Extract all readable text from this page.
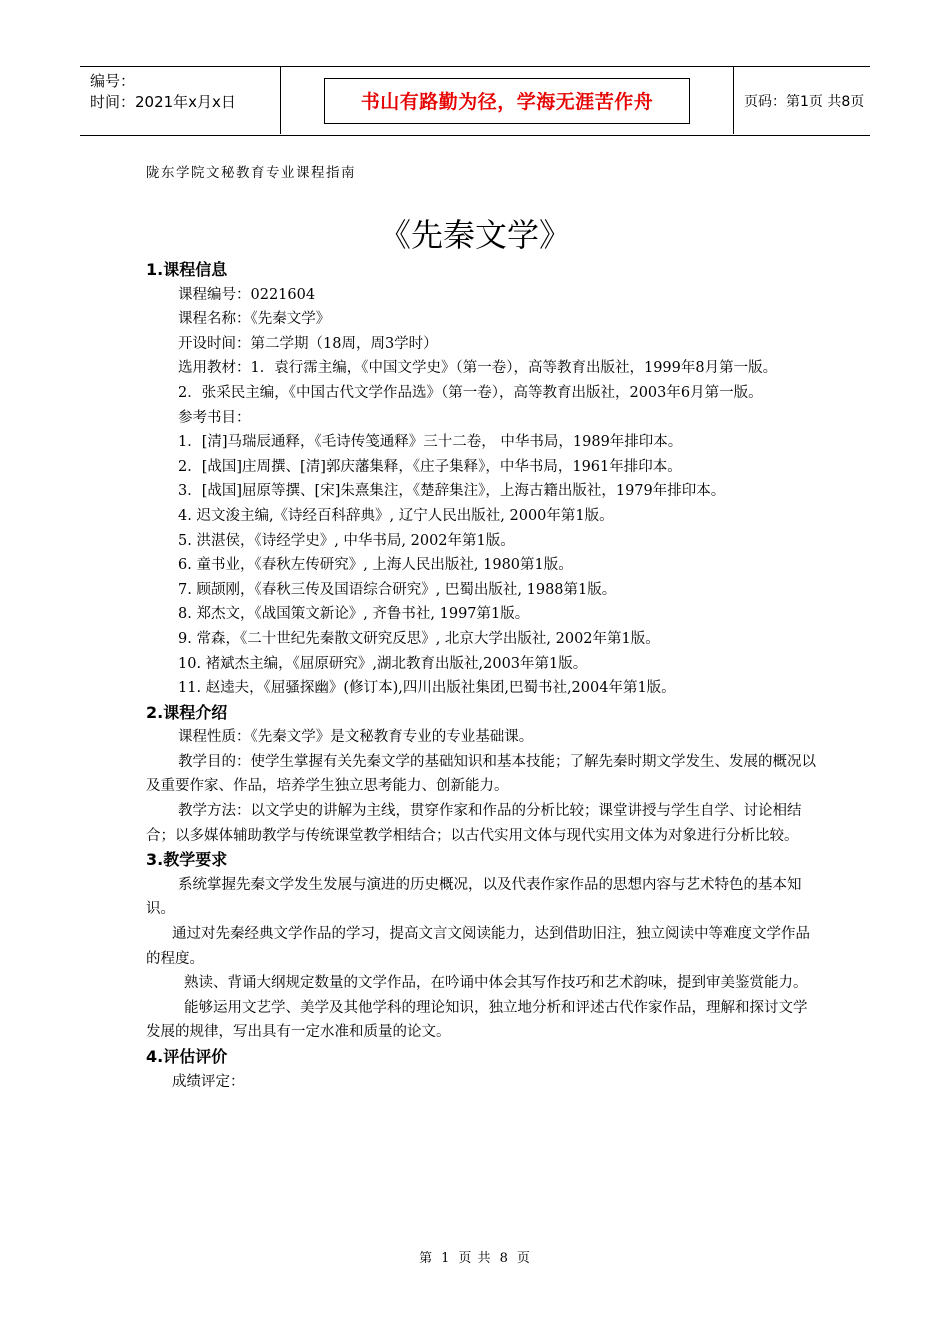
编号：
时间：2021年x月x日	书山有路勤为径，学海无涯苦作舟	页码：第1页 共8页
陇东学院文秘教育专业课程指南
《先秦文学》
1.课程信息

课程编号：0221604

课程名称：《先秦文学》

开设时间：第二学期（18周，周3学时）

选用教材：1．袁行霈主编，《中国文学史》（第一卷），高等教育出版社，1999年8月第一版。

2．张采民主编，《中国古代文学作品选》（第一卷），高等教育出版社，2003年6月第一版。

参考书目：

1．[清]马瑞辰通释，《毛诗传笺通释》三十二卷， 中华书局，1989年排印本。

2．[战国]庄周撰、[清]郭庆藩集释，《庄子集释》，中华书局，1961年排印本。

3．[战国]屈原等撰、[宋]朱熹集注，《楚辞集注》，上海古籍出版社，1979年排印本。

4. 迟文浚主编,《诗经百科辞典》, 辽宁人民出版社, 2000年第1版。

5. 洪湛侯，《诗经学史》, 中华书局, 2002年第1版。

6. 童书业，《春秋左传研究》, 上海人民出版社, 1980第1版。

7. 顾颉刚，《春秋三传及国语综合研究》, 巴蜀出版社, 1988第1版。

8. 郑杰文，《战国策文新论》, 齐鲁书社, 1997第1版。

9. 常森，《二十世纪先秦散文研究反思》, 北京大学出版社, 2002年第1版。

10. 褚斌杰主编，《屈原研究》,湖北教育出版社,2003年第1版。

11. 赵逵夫，《屈骚探幽》(修订本),四川出版社集团,巴蜀书社,2004年第1版。

2.课程介绍

课程性质：《先秦文学》是文秘教育专业的专业基础课。

教学目的：使学生掌握有关先秦文学的基础知识和基本技能；了解先秦时期文学发生、发展的概况以及重要作家、作品，培养学生独立思考能力、创新能力。

教学方法：以文学史的讲解为主线，贯穿作家和作品的分析比较；课堂讲授与学生自学、讨论相结合；以多媒体辅助教学与传统课堂教学相结合；以古代实用文体与现代实用文体为对象进行分析比较。

3.教学要求

系统掌握先秦文学发生发展与演进的历史概况，以及代表作家作品的思想内容与艺术特色的基本知识。

通过对先秦经典文学作品的学习，提高文言文阅读能力，达到借助旧注，独立阅读中等难度文学作品的程度。

熟读、背诵大纲规定数量的文学作品，在吟诵中体会其写作技巧和艺术韵味，提到审美鉴赏能力。

能够运用文艺学、美学及其他学科的理论知识，独立地分析和评述古代作家作品，理解和探讨文学发展的规律，写出具有一定水准和质量的论文。

4.评估评价

成绩评定：

第 1 页 共 8 页
